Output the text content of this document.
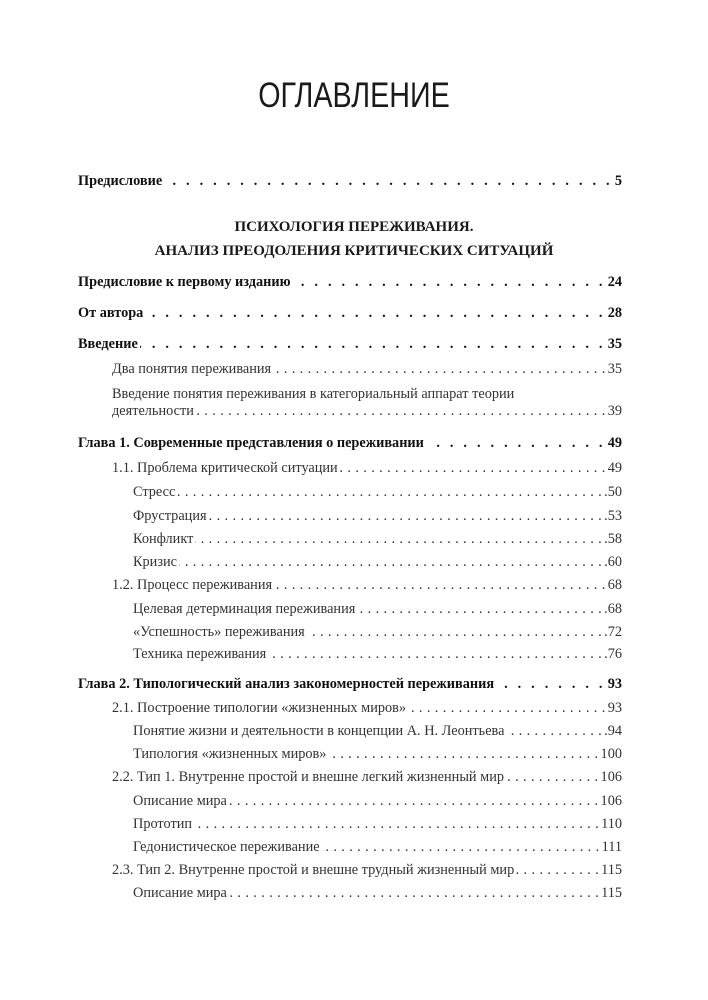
ОГЛАВЛЕНИЕ
Предисловие . . .	5
ПСИХОЛОГИЯ ПЕРЕЖИВАНИЯ.
АНАЛИЗ ПРЕОДОЛЕНИЯ КРИТИЧЕСКИХ СИТУАЦИЙ
Предисловие к первому изданию . . .	24
От автора . . .	28
Введение . . .	35
Два понятия переживания . . .	35
Введение понятия переживания в категориальный аппарат теории
деятельности . . .	39
Глава 1. Современные представления о переживании . . .	49
1.1. Проблема критической ситуации . . .	49
Стресс . . .	.50
Фрустрация . . .	.53
Конфликт . . .	.58
Кризис . . .	.60
1.2. Процесс переживания . . .	68
Целевая детерминация переживания . . .	.68
«Успешность» переживания . . .	.72
Техника переживания . . .	.76
Глава 2. Типологический анализ закономерностей переживания . . .	93
2.1. Построение типологии «жизненных миров» . . .	93
Понятие жизни и деятельности в концепции А. Н. Леонтьева . . .	.94
Типология «жизненных миров» . . .	100
2.2. Тип 1. Внутренне простой и внешне легкий жизненный мир . . .	106
Описание мира . . .	106
Прототип . . .	110
Гедонистическое переживание . . .	111
2.3. Тип 2. Внутренне простой и внешне трудный жизненный мир . . .	115
Описание мира . . .	115
